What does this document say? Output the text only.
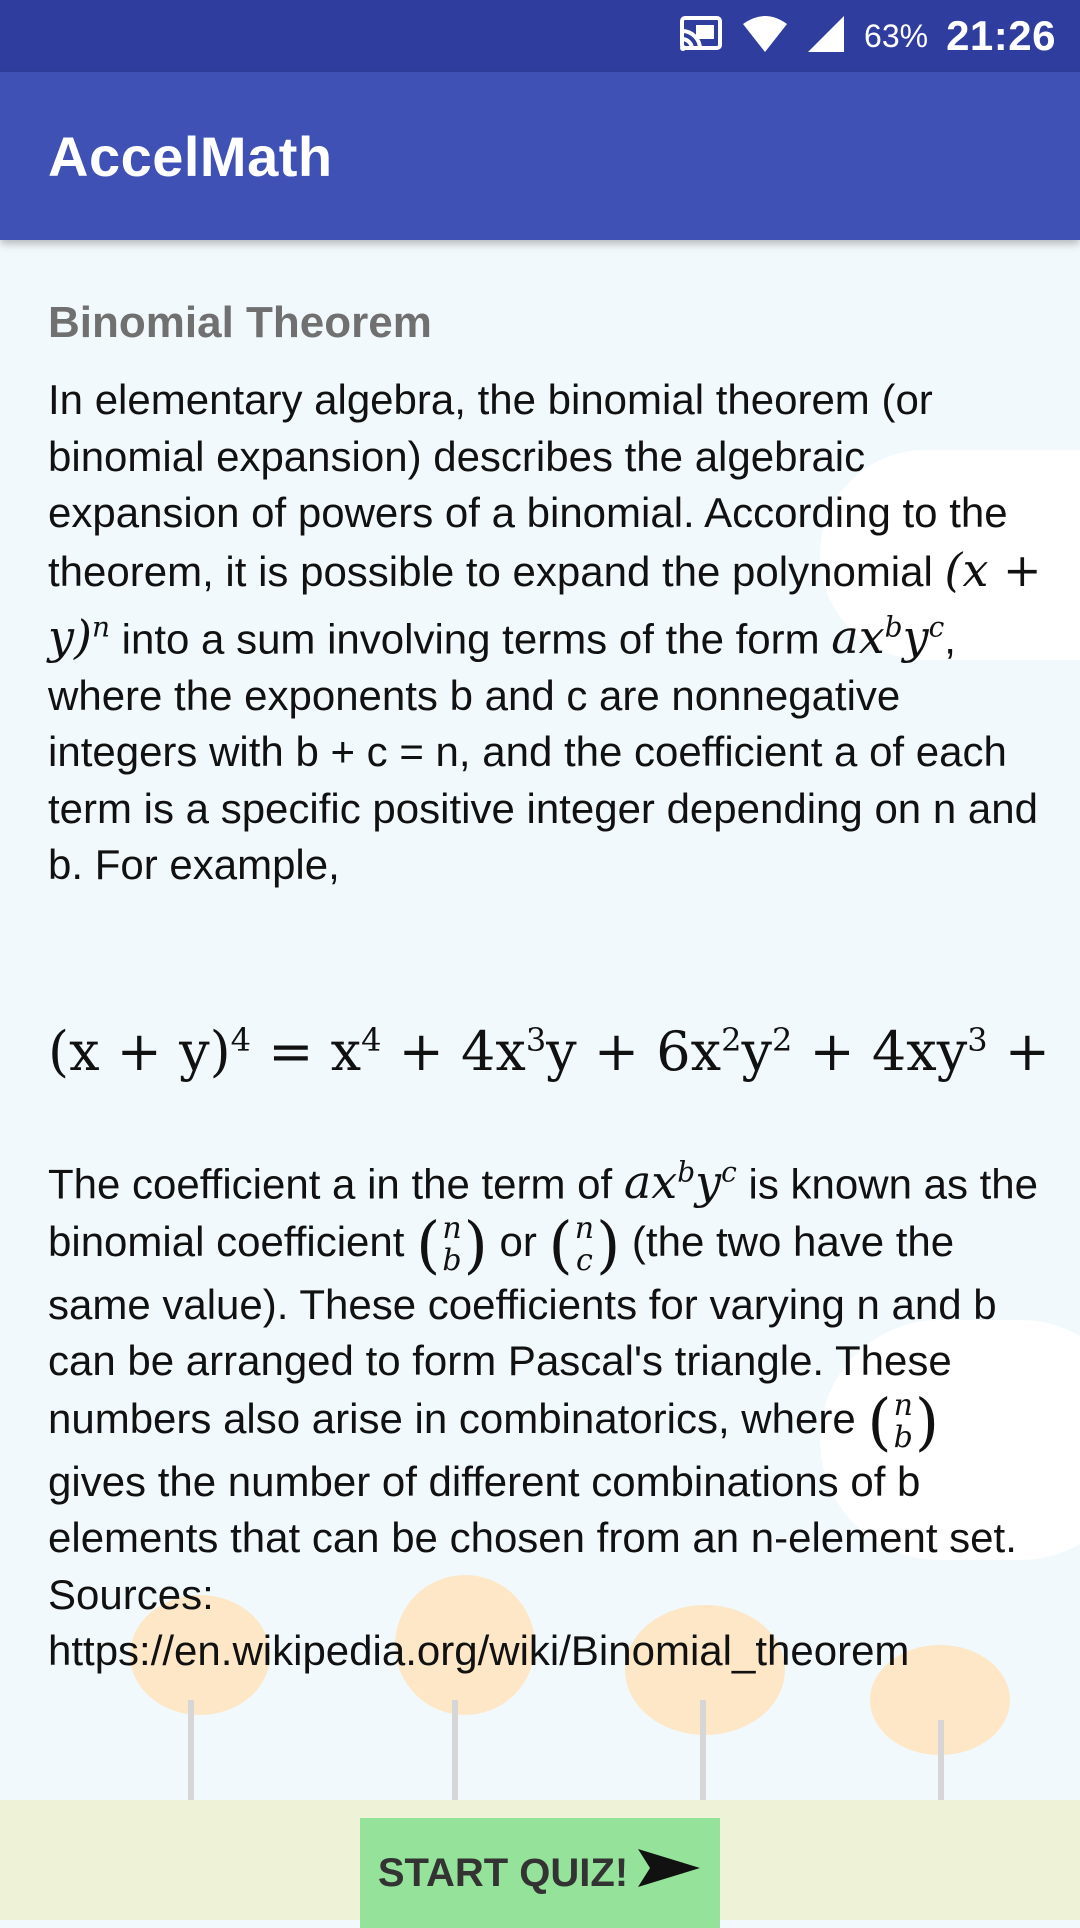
63% 21:26
AccelMath
Binomial Theorem
In elementary algebra, the binomial theorem (or binomial expansion) describes the algebraic expansion of powers of a binomial. According to the theorem, it is possible to expand the polynomial $(x + y)^n$ into a sum involving terms of the form $ax^by^c$, where the exponents b and c are nonnegative integers with b + c = n, and the coefficient a of each term is a specific positive integer depending on n and b. For example,
$(x + y)^4 = x^4 + 4x^3y + 6x^2y^2 + 4xy^3$ +
The coefficient a in the term of $ax^by^c$ is known as the binomial coefficient ( n
b ) or ( n
c ) (the two have the same value). These coefficients for varying n and b can be arranged to form Pascal's triangle. These numbers also arise in combinatorics, where ( n
b ) gives the number of different combinations of b elements that can be chosen from an n-element set. Sources: https://en.wikipedia.org/wiki/Binomial_theorem
START QUIZ!
